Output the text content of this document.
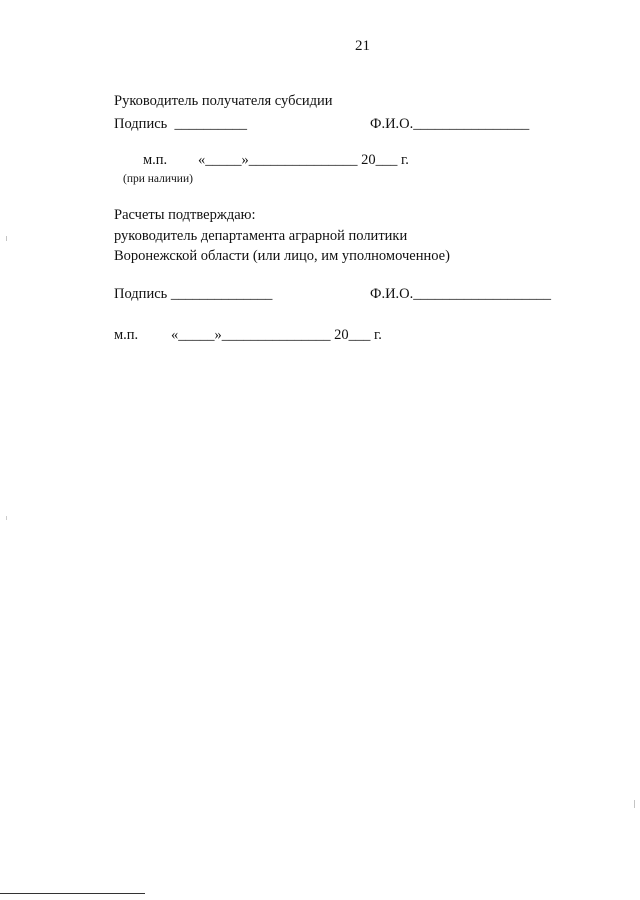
21
Руководитель получателя субсидии
Подпись  __________	Ф.И.О.________________
м.п. «_____»_______________ 20___ г.
(при наличии)
Расчеты подтверждаю:
руководитель департамента аграрной политики
Воронежской области (или лицо, им уполномоченное)
Подпись ______________	Ф.И.О.___________________
м.п. «_____»_______________ 20___ г.
